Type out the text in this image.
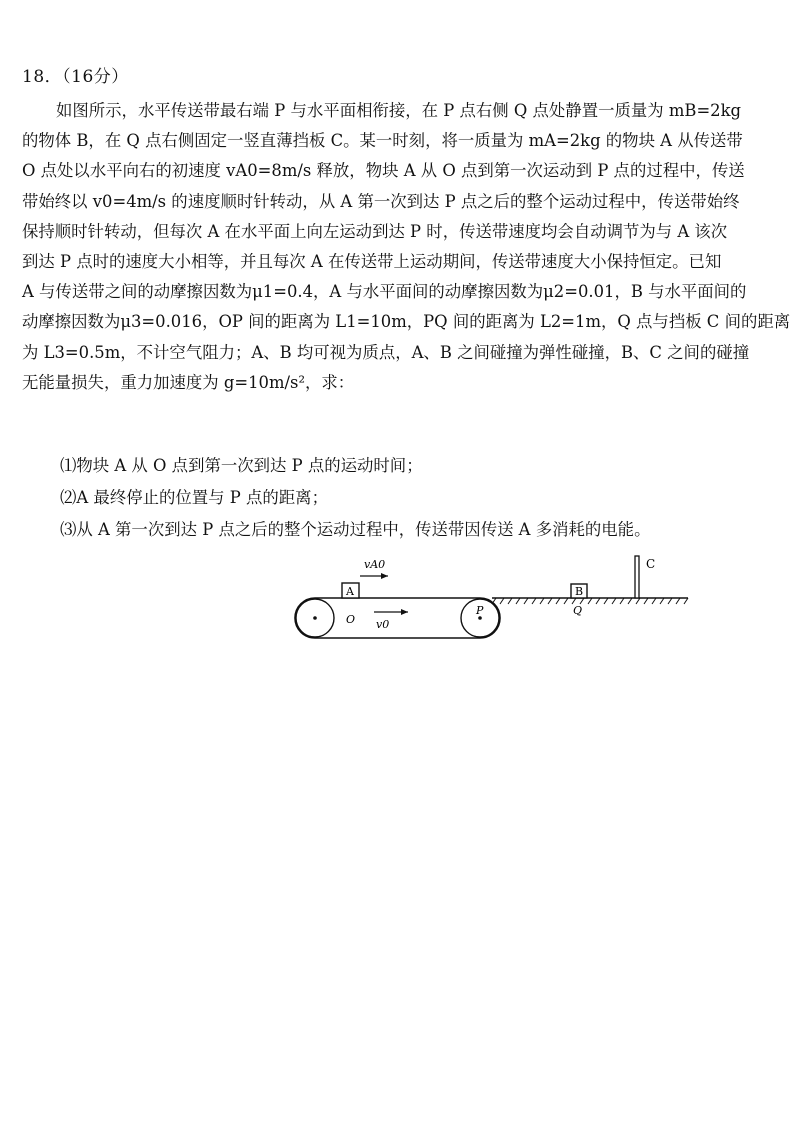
18．（16分）
如图所示，水平传送带最右端 P 与水平面相衔接，在 P 点右侧 Q 点处静置一质量为 mB=2kg
的物体 B，在 Q 点右侧固定一竖直薄挡板 C。某一时刻，将一质量为 mA=2kg 的物块 A 从传送带
O 点处以水平向右的初速度 vA0=8m/s 释放，物块 A 从 O 点到第一次运动到 P 点的过程中，传送
带始终以 v0=4m/s 的速度顺时针转动，从 A 第一次到达 P 点之后的整个运动过程中，传送带始终
保持顺时针转动，但每次 A 在水平面上向左运动到达 P 时，传送带速度均会自动调节为与 A 该次
到达 P 点时的速度大小相等，并且每次 A 在传送带上运动期间，传送带速度大小保持恒定。已知
A 与传送带之间的动摩擦因数为μ1=0.4，A 与水平面间的动摩擦因数为μ2=0.01，B 与水平面间的
动摩擦因数为μ3=0.016，OP 间的距离为 L1=10m，PQ 间的距离为 L2=1m，Q 点与挡板 C 间的距离
为 L3=0.5m，不计空气阻力；A、B 均可视为质点，A、B 之间碰撞为弹性碰撞，B、C 之间的碰撞
无能量损失，重力加速度为 g=10m/s²，求：
⑴物块 A 从 O 点到第一次到达 P 点的运动时间；
⑵A 最终停止的位置与 P 点的距离；
⑶从 A 第一次到达 P 点之后的整个运动过程中，传送带因传送 A 多消耗的电能。
A
vA0
O v0
P
B
Q
C
